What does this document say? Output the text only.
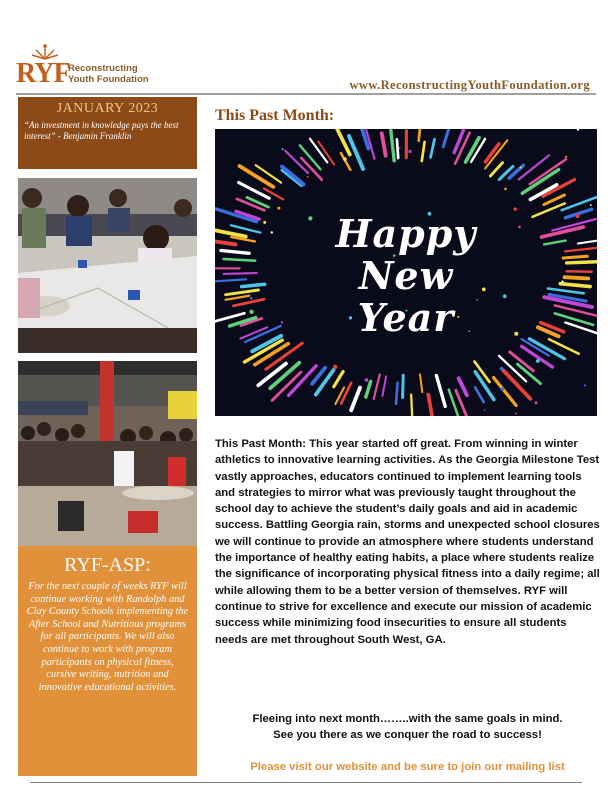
RYF
Reconstructing
Youth Foundation	www.ReconstructingYouthFoundation.org
JANUARY 2023
“An investment in knowledge pays the best interest” - Benjamin Franklin
RYF-ASP:
For the next couple of weeks RYF will continue working with Randolph and Clay County Schools implementing the After School and Nutritious programs for all participants. We will also continue to work with program participants on physical fitness, cursive writing, nutrition and innovative educational activities.
This Past Month:
Happy
New
Year
This Past Month: This year started off great. From winning in winter athletics to innovative learning activities. As the Georgia Milestone Test vastly approaches, educators continued to implement learning tools and strategies to mirror what was previously taught throughout the school day to achieve the student’s daily goals and aid in academic success. Battling Georgia rain, storms and unexpected school closures we will continue to provide an atmosphere where students understand the importance of healthy eating habits, a place where students realize the significance of incorporating physical fitness into a daily regime; all while allowing them to be a better version of themselves. RYF will continue to strive for excellence and execute our mission of academic success while minimizing food insecurities to ensure all students needs are met throughout South West, GA.
Fleeing into next month……..with the same goals in mind.
See you there as we conquer the road to success!
Please visit our website and be sure to join our mailing list
